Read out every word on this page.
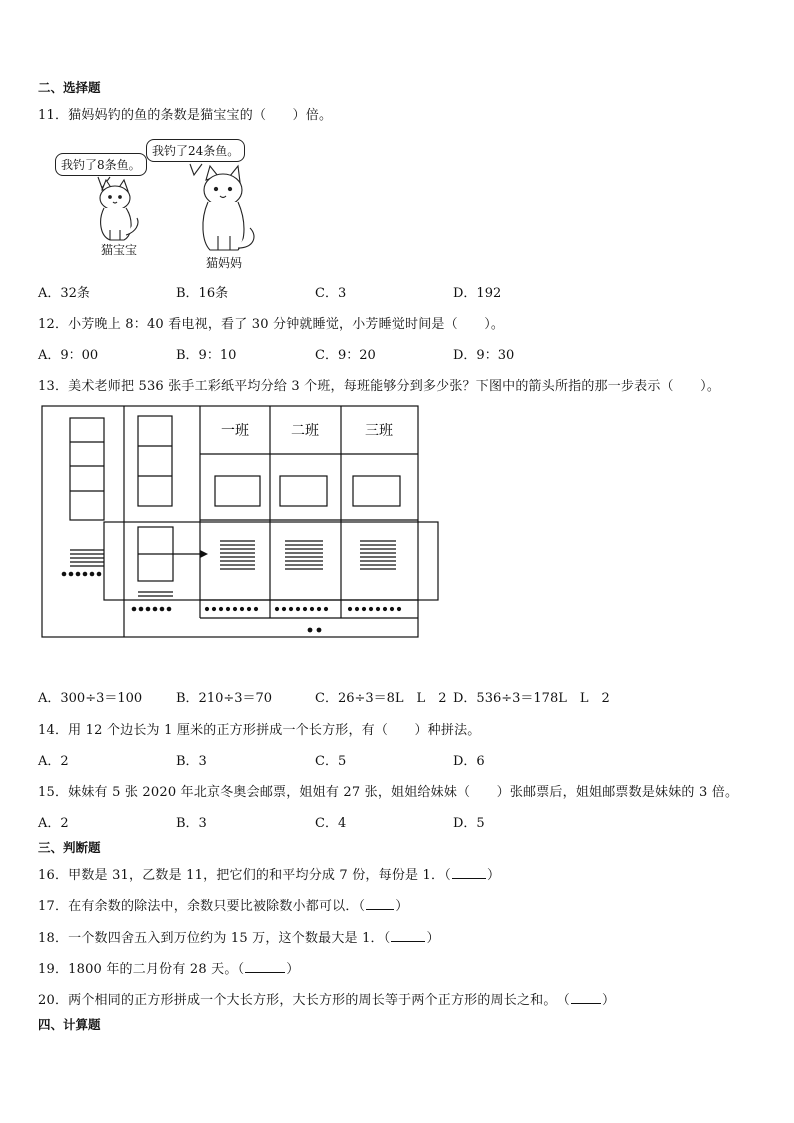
二、选择题
11．猫妈妈钓的鱼的条数是猫宝宝的（　　）倍。
我钓了8条鱼。
我钓了24条鱼。
猫宝宝
猫妈妈
A．32条	B．16条	C．3	D．192
12．小芳晚上 8：40 看电视，看了 30 分钟就睡觉，小芳睡觉时间是（　　）。
A．9：00	B．9：10	C．9：20	D．9：30
13．美术老师把 536 张手工彩纸平均分给 3 个班，每班能够分到多少张？下图中的箭头所指的那一步表示（　　）。
一班	二班	三班
A．300÷3＝100	B．210÷3＝70	C．26÷3＝8L　L　2 D．536÷3＝178L　L　2
14．用 12 个边长为 1 厘米的正方形拼成一个长方形，有（　　）种拼法。
A．2	B．3	C．5	D．6
15．妹妹有 5 张 2020 年北京冬奥会邮票，姐姐有 27 张，姐姐给妹妹（　　）张邮票后，姐姐邮票数是妹妹的 3 倍。
A．2	B．3	C．4	D．5
三、判断题
16．甲数是 31，乙数是 11，把它们的和平均分成 7 份，每份是 1．（	）
17．在有余数的除法中，余数只要比被除数小都可以．（ ）
18．一个数四舍五入到万位约为 15 万，这个数最大是 1．（	）
19．1800 年的二月份有 28 天。（	）
20．两个相同的正方形拼成一个大长方形，大长方形的周长等于两个正方形的周长之和。　（ ）
四、计算题
